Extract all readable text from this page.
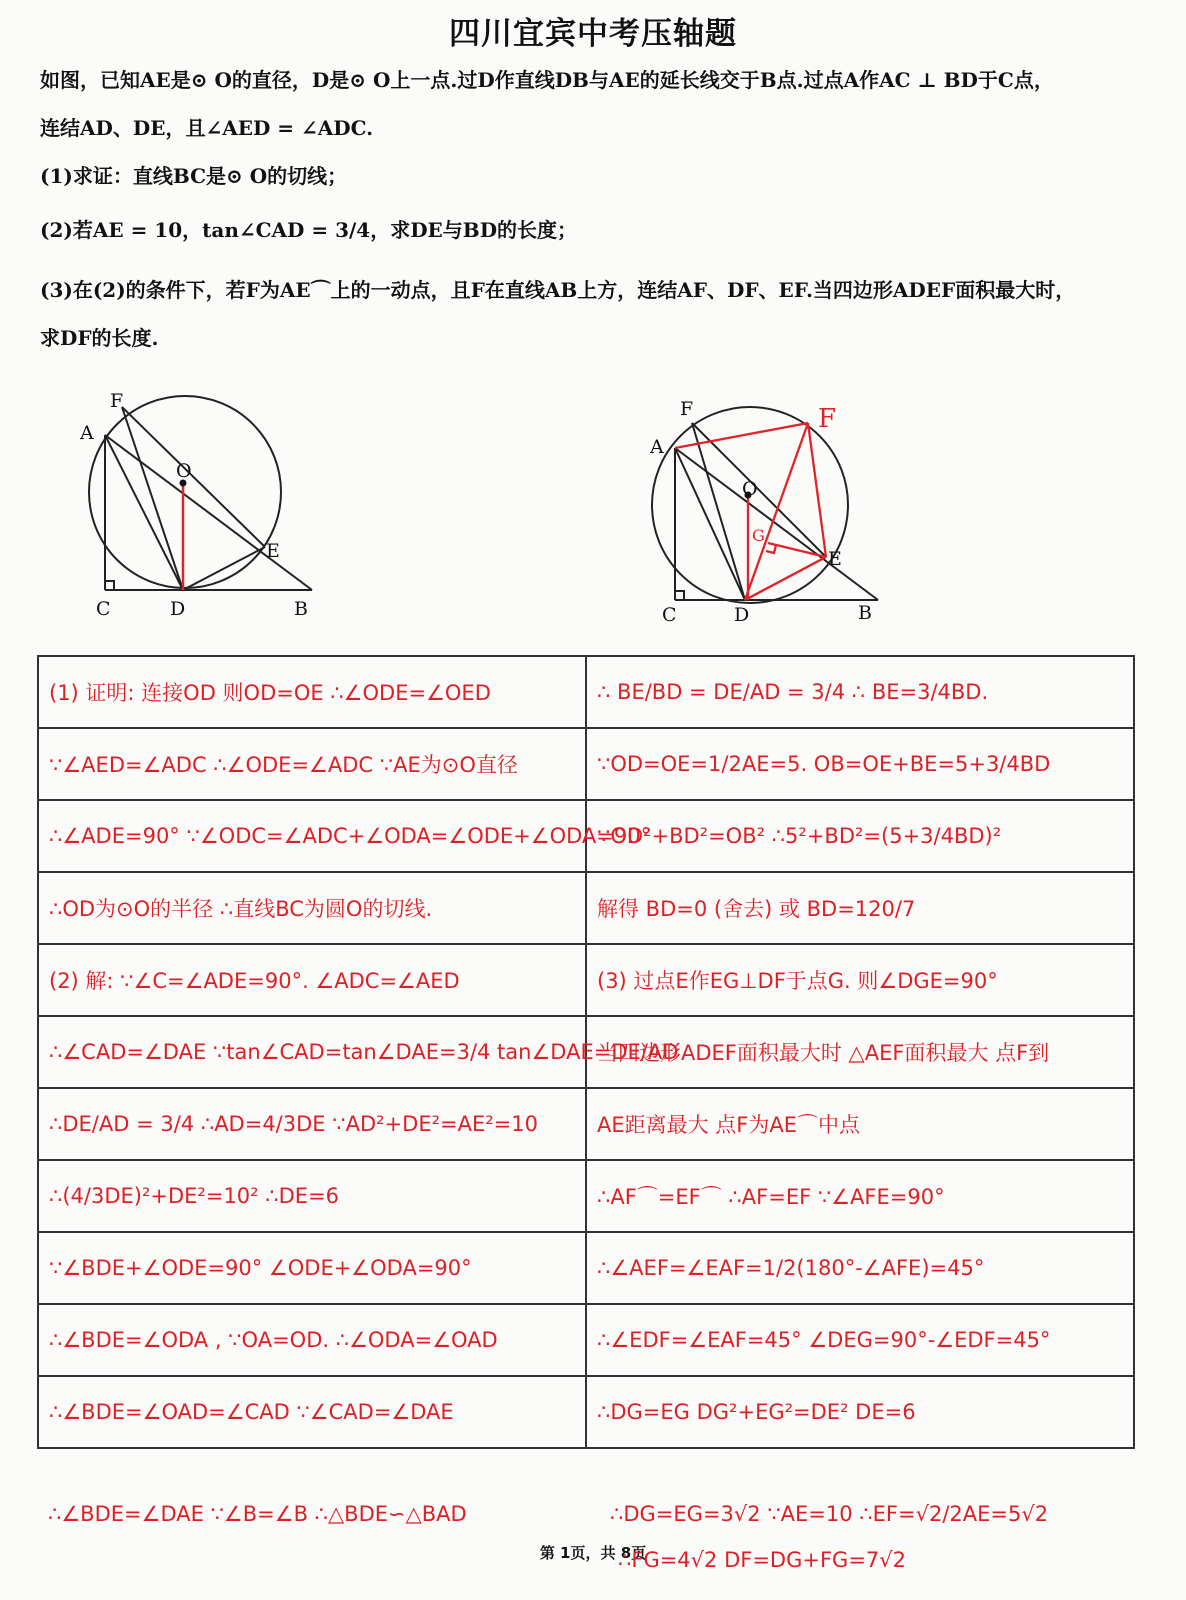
四川宜宾中考压轴题
如图，已知AE是⊙ O的直径，D是⊙ O上一点.过D作直线DB与AE的延长线交于B点.过点A作AC ⊥ BD于C点，
连结AD、DE，且∠AED = ∠ADC.
(1)求证：直线BC是⊙ O的切线；
(2)若AE = 10，tan∠CAD = 3/4，求DE与BD的长度；
(3)在(2)的条件下，若F为AE⌒上的一动点，且F在直线AB上方，连结AF、DF、EF.当四边形ADEF面积最大时，
求DF的长度.
F
A
O
E
C	D	B
F	F
A
O
G
E
C	D	B
(1) 证明: 连接OD 则OD=OE ∴∠ODE=∠OED	∴ BE/BD = DE/AD = 3/4 ∴ BE=3/4BD.
∵∠AED=∠ADC ∴∠ODE=∠ADC ∵AE为⊙O直径	∵OD=OE=1/2AE=5. OB=OE+BE=5+3/4BD
∴∠ADE=90° ∵∠ODC=∠ADC+∠ODA=∠ODE+∠ODA=90°	∵OD²+BD²=OB² ∴5²+BD²=(5+3/4BD)²
∴OD为⊙O的半径 ∴直线BC为圆O的切线.	解得 BD=0 (舍去) 或 BD=120/7
(2) 解: ∵∠C=∠ADE=90°. ∠ADC=∠AED	(3) 过点E作EG⊥DF于点G. 则∠DGE=90°
∴∠CAD=∠DAE ∵tan∠CAD=tan∠DAE=3/4 tan∠DAE=DE/AD	当四边形ADEF面积最大时 △AEF面积最大 点F到
∴DE/AD = 3/4 ∴AD=4/3DE ∵AD²+DE²=AE²=10	AE距离最大 点F为AE⌒中点
∴(4/3DE)²+DE²=10² ∴DE=6	∴AF⌒=EF⌒ ∴AF=EF ∵∠AFE=90°
∵∠BDE+∠ODE=90° ∠ODE+∠ODA=90°	∴∠AEF=∠EAF=1/2(180°-∠AFE)=45°
∴∠BDE=∠ODA , ∵OA=OD. ∴∠ODA=∠OAD	∴∠EDF=∠EAF=45° ∠DEG=90°-∠EDF=45°
∴∠BDE=∠OAD=∠CAD ∵∠CAD=∠DAE	∴DG=EG DG²+EG²=DE² DE=6
∴∠BDE=∠DAE ∵∠B=∠B ∴△BDE∽△BAD	∴DG=EG=3√2 ∵AE=10 ∴EF=√2/2AE=5√2
第 1页，共 8页
∴FG=4√2 DF=DG+FG=7√2
